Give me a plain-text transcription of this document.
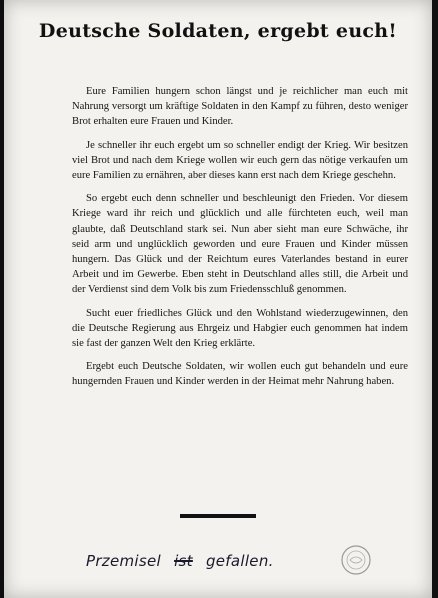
Deutsche Soldaten, ergebt euch!

Eure Familien hungern schon längst und je reichlicher man euch mit Nahrung versorgt um kräftige Soldaten in den Kampf zu führen, desto weniger Brot erhalten eure Frauen und Kinder.

Je schneller ihr euch ergebt um so schneller endigt der Krieg. Wir besitzen viel Brot und nach dem Kriege wollen wir euch gern das nötige verkaufen um eure Familien zu ernähren, aber dieses kann erst nach dem Kriege geschehn.

So ergebt euch denn schneller und beschleunigt den Frieden. Vor diesem Kriege ward ihr reich und glücklich und alle fürchteten euch, weil man glaubte, daß Deutschland stark sei. Nun aber sieht man eure Schwäche, ihr seid arm und unglücklich geworden und eure Frauen und Kinder müssen hungern. Das Glück und der Reichtum eures Vaterlandes bestand in eurer Arbeit und im Gewerbe. Eben steht in Deutschland alles still, die Arbeit und der Verdienst sind dem Volk bis zum Friedensschluß genommen.

Sucht euer friedliches Glück und den Wohlstand wiederzugewinnen, den die Deutsche Regierung aus Ehrgeiz und Habgier euch genommen hat indem sie fast der ganzen Welt den Krieg erklärte.

Ergebt euch Deutsche Soldaten, wir wollen euch gut behandeln und eure hungernden Frauen und Kinder werden in der Heimat mehr Nahrung haben.

Przemisel ist gefallen.
